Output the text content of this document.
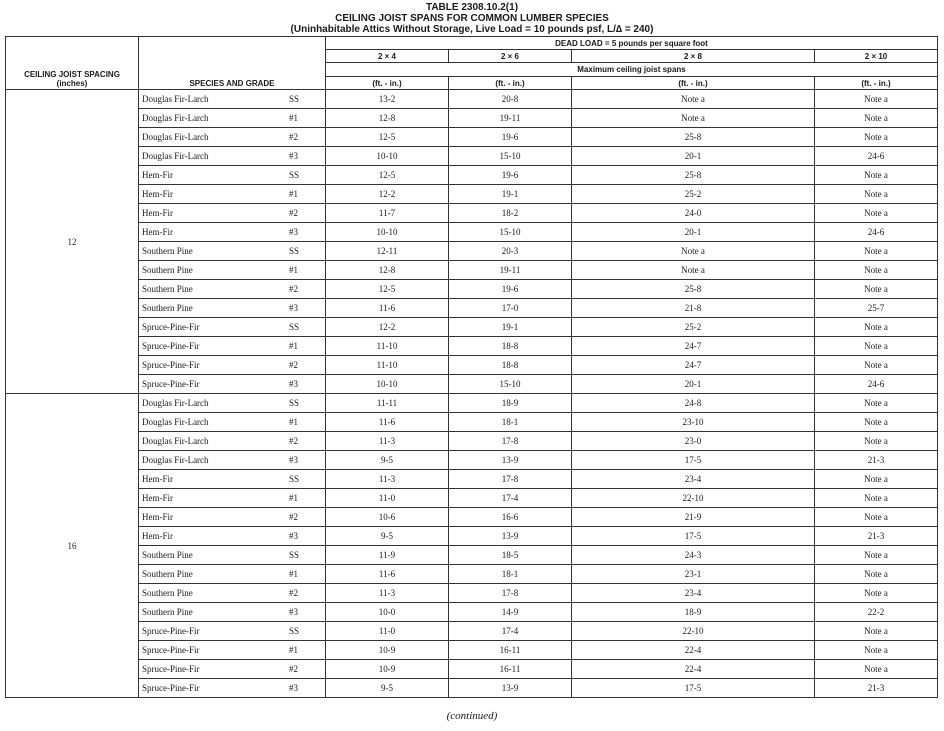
TABLE 2308.10.2(1)
CEILING JOIST SPANS FOR COMMON LUMBER SPECIES
(Uninhabitable Attics Without Storage, Live Load = 10 pounds psf, L/∆ = 240)
CEILING JOIST SPACING
(inches)	SPECIES AND GRADE	DEAD LOAD = 5 pounds per square foot			
		2 × 4	2 × 6	2 × 8	2 × 10
		Maximum ceiling joist spans			
		(ft. - in.)	(ft. - in.)	(ft. - in.)	(ft. - in.)
12	Douglas Fir-Larch SS	13-2	20-8	Note a	Note a
	Douglas Fir-Larch #1	12-8	19-11	Note a	Note a
	Douglas Fir-Larch #2	12-5	19-6	25-8	Note a
	Douglas Fir-Larch #3	10-10	15-10	20-1	24-6
	Hem-Fir SS	12-5	19-6	25-8	Note a
	Hem-Fir #1	12-2	19-1	25-2	Note a
	Hem-Fir #2	11-7	18-2	24-0	Note a
	Hem-Fir #3	10-10	15-10	20-1	24-6
	Southern Pine SS	12-11	20-3	Note a	Note a
	Southern Pine #1	12-8	19-11	Note a	Note a
	Southern Pine #2	12-5	19-6	25-8	Note a
	Southern Pine #3	11-6	17-0	21-8	25-7
	Spruce-Pine-Fir SS	12-2	19-1	25-2	Note a
	Spruce-Pine-Fir #1	11-10	18-8	24-7	Note a
	Spruce-Pine-Fir #2	11-10	18-8	24-7	Note a
	Spruce-Pine-Fir #3	10-10	15-10	20-1	24-6
16	Douglas Fir-Larch SS	11-11	18-9	24-8	Note a
	Douglas Fir-Larch #1	11-6	18-1	23-10	Note a
	Douglas Fir-Larch #2	11-3	17-8	23-0	Note a
	Douglas Fir-Larch #3	9-5	13-9	17-5	21-3
	Hem-Fir SS	11-3	17-8	23-4	Note a
	Hem-Fir #1	11-0	17-4	22-10	Note a
	Hem-Fir #2	10-6	16-6	21-9	Note a
	Hem-Fir #3	9-5	13-9	17-5	21-3
	Southern Pine SS	11-9	18-5	24-3	Note a
	Southern Pine #1	11-6	18-1	23-1	Note a
	Southern Pine #2	11-3	17-8	23-4	Note a
	Southern Pine #3	10-0	14-9	18-9	22-2
	Spruce-Pine-Fir SS	11-0	17-4	22-10	Note a
	Spruce-Pine-Fir #1	10-9	16-11	22-4	Note a
	Spruce-Pine-Fir #2	10-9	16-11	22-4	Note a
	Spruce-Pine-Fir #3	9-5	13-9	17-5	21-3
(continued)
